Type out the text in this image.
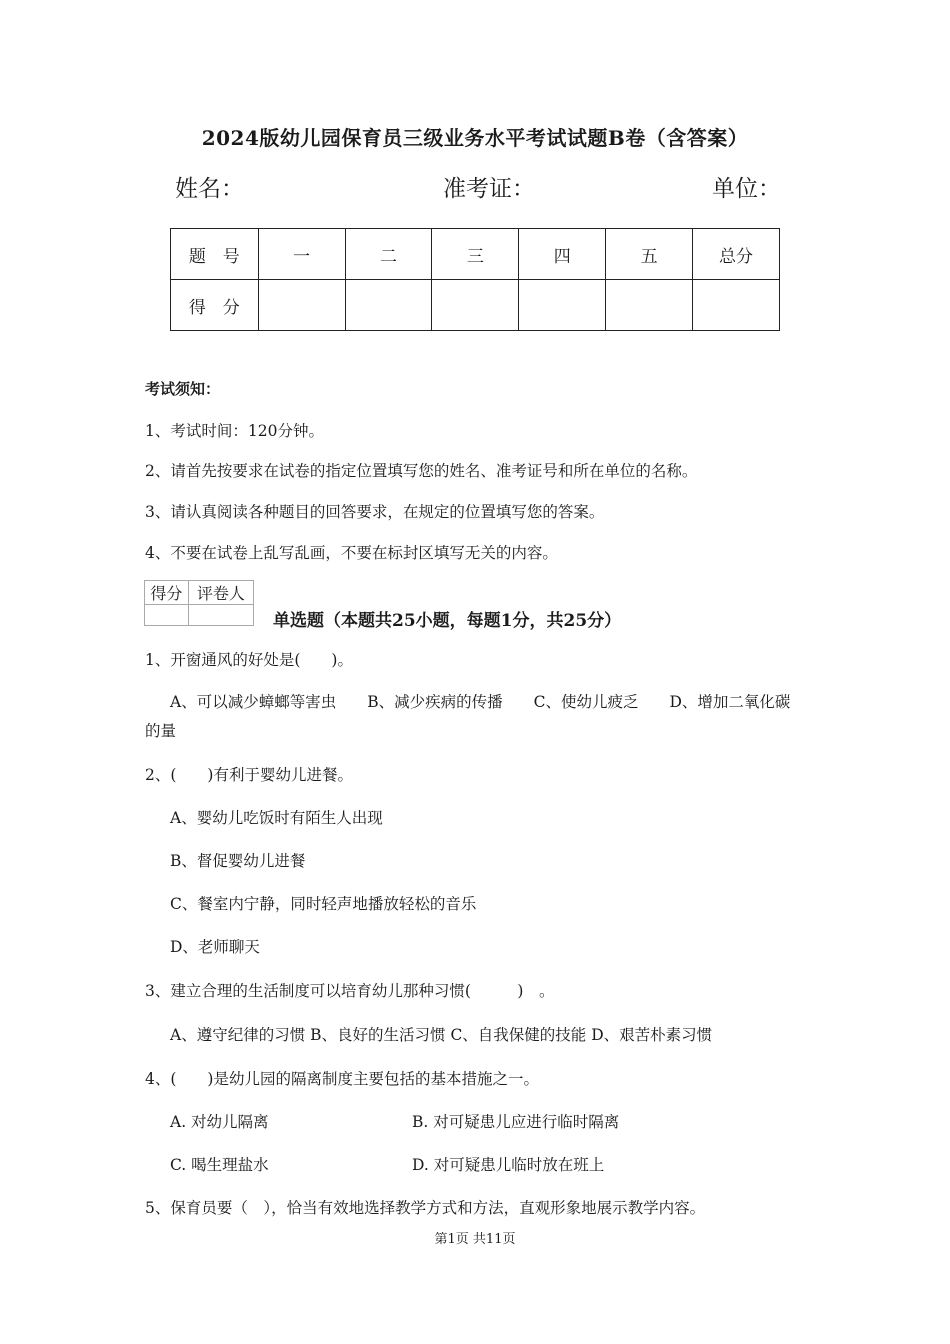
2024版幼儿园保育员三级业务水平考试试题B卷（含答案）
姓名：	准考证：	单位：
题　号	一	二	三	四	五	总分
得　分						
考试须知：
1、考试时间：120分钟。
2、请首先按要求在试卷的指定位置填写您的姓名、准考证号和所在单位的名称。
3、请认真阅读各种题目的回答要求，在规定的位置填写您的答案。
4、不要在试卷上乱写乱画，不要在标封区填写无关的内容。
得分	评卷人

单选题（本题共25小题，每题1分，共25分）
1、开窗通风的好处是(　　)。
A、可以减少蟑螂等害虫　　B、减少疾病的传播　　C、使幼儿疲乏　　D、增加二氧化碳
的量
2、(　　)有利于婴幼儿进餐。
A、婴幼儿吃饭时有陌生人出现
B、督促婴幼儿进餐
C、餐室内宁静，同时轻声地播放轻松的音乐
D、老师聊天
3、建立合理的生活制度可以培育幼儿那种习惯(　　　)　。
A、遵守纪律的习惯 B、良好的生活习惯 C、自我保健的技能 D、艰苦朴素习惯
4、(　　)是幼儿园的隔离制度主要包括的基本措施之一。
A. 对幼儿隔离	B. 对可疑患儿应进行临时隔离
C. 喝生理盐水	D. 对可疑患儿临时放在班上
5、保育员要（　），恰当有效地选择教学方式和方法，直观形象地展示教学内容。
第1页 共11页
